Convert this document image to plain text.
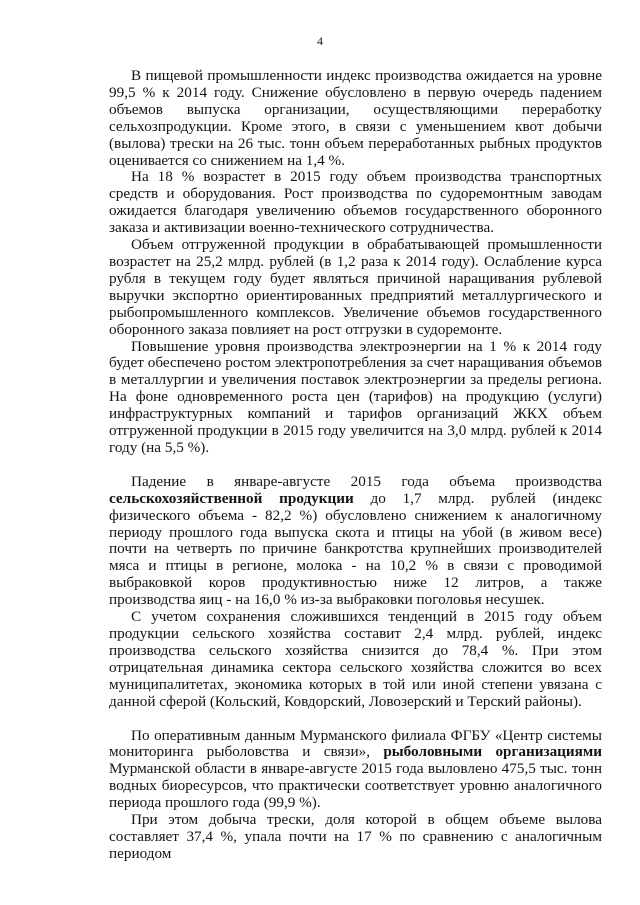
4

В пищевой промышленности индекс производства ожидается на уровне 99,5 % к 2014 году. Снижение обусловлено в первую очередь падением объемов выпуска организации, осуществляющими переработку сельхозпродукции. Кроме этого, в связи с уменьшением квот добычи (вылова) трески на 26 тыс. тонн объем переработанных рыбных продуктов оценивается со снижением на 1,4 %.

На 18 % возрастет в 2015 году объем производства транспортных средств и оборудования. Рост производства по судоремонтным заводам ожидается благодаря увеличению объемов государственного оборонного заказа и активизации военно-технического сотрудничества.

Объем отгруженной продукции в обрабатывающей промышленности возрастет на 25,2 млрд. рублей (в 1,2 раза к 2014 году). Ослабление курса рубля в текущем году будет являться причиной наращивания рублевой выручки экспортно ориентированных предприятий металлургического и рыбопромышленного комплексов. Увеличение объемов государственного оборонного заказа повлияет на рост отгрузки в судоремонте.

Повышение уровня производства электроэнергии на 1 % к 2014 году будет обеспечено ростом электропотребления за счет наращивания объемов в металлургии и увеличения поставок электроэнергии за пределы региона. На фоне одновременного роста цен (тарифов) на продукцию (услуги) инфраструктурных компаний и тарифов организаций ЖКХ объем отгруженной продукции в 2015 году увеличится на 3,0 млрд. рублей к 2014 году (на 5,5 %).

Падение в январе-августе 2015 года объема производства сельскохозяйственной продукции до 1,7 млрд. рублей (индекс физического объема - 82,2 %) обусловлено снижением к аналогичному периоду прошлого года выпуска скота и птицы на убой (в живом весе) почти на четверть по причине банкротства крупнейших производителей мяса и птицы в регионе, молока - на 10,2 % в связи с проводимой выбраковкой коров продуктивностью ниже 12 литров, а также производства яиц - на 16,0 % из-за выбраковки поголовья несушек.

С учетом сохранения сложившихся тенденций в 2015 году объем продукции сельского хозяйства составит 2,4 млрд. рублей, индекс производства сельского хозяйства снизится до 78,4 %. При этом отрицательная динамика сектора сельского хозяйства сложится во всех муниципалитетах, экономика которых в той или иной степени увязана с данной сферой (Кольский, Ковдорский, Ловозерский и Терский районы).

По оперативным данным Мурманского филиала ФГБУ «Центр системы мониторинга рыболовства и связи», рыболовными организациями Мурманской области в январе-августе 2015 года выловлено 475,5 тыс. тонн водных биоресурсов, что практически соответствует уровню аналогичного периода прошлого года (99,9 %).

При этом добыча трески, доля которой в общем объеме вылова составляет 37,4 %, упала почти на 17 % по сравнению с аналогичным периодом
